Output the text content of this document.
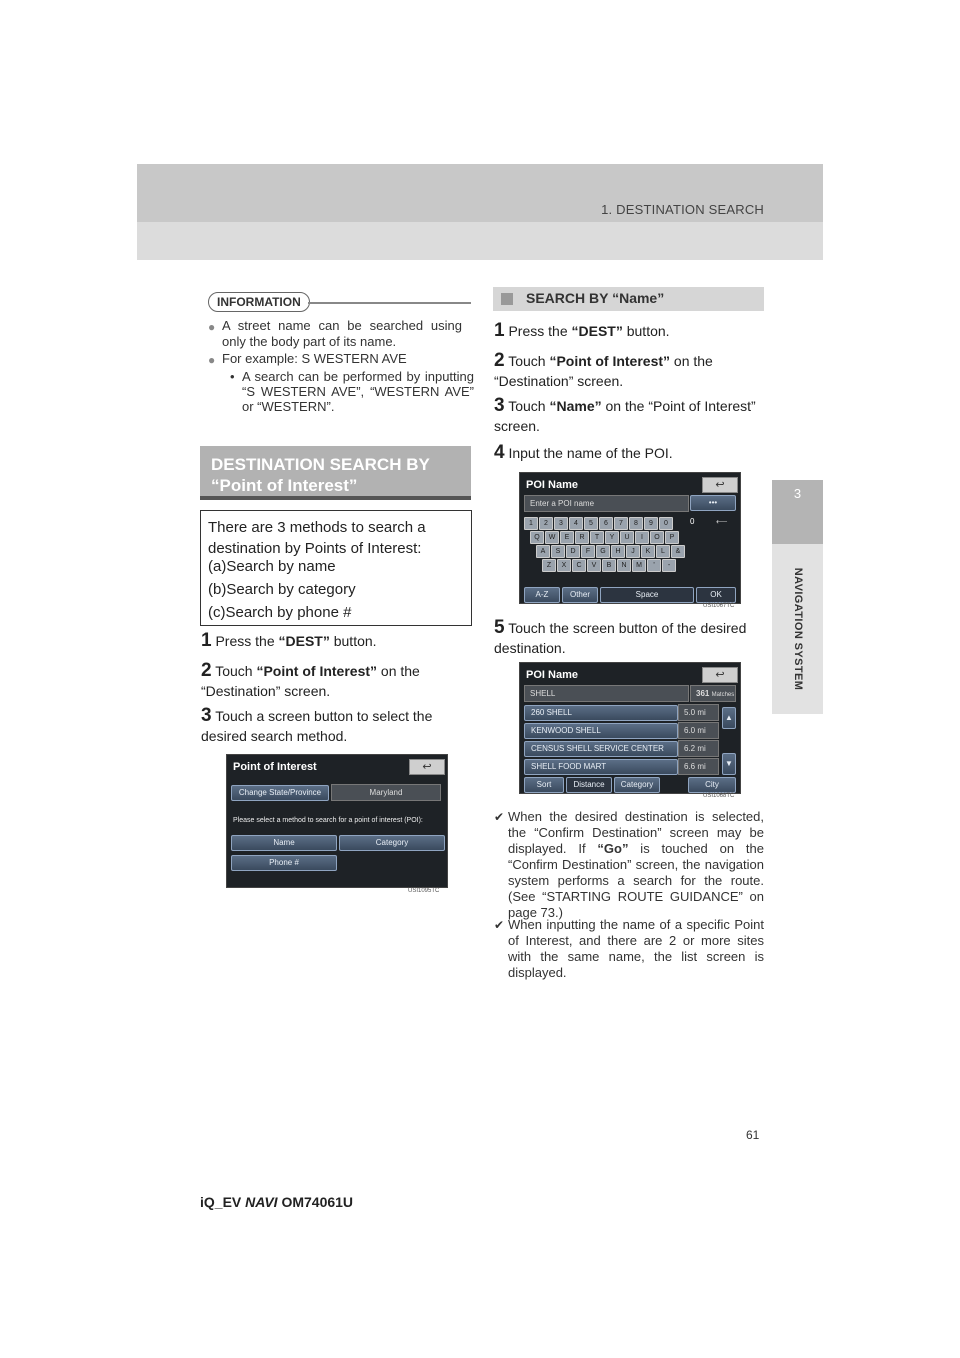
1. DESTINATION SEARCH
3
NAVIGATION SYSTEM
INFORMATION
● A street name can be searched using only the body part of its name.
● For example: S WESTERN AVE
• A search can be performed by inputting “S WESTERN AVE”, “WESTERN AVE” or “WESTERN”.
DESTINATION SEARCH BY “Point of Interest”
There are 3 methods to search a destination by Points of Interest:
(a)Search by name
(b)Search by category
(c)Search by phone #
1 Press the “DEST” button.
2 Touch “Point of Interest” on the “Destination” screen.
3 Touch a screen button to select the desired search method.
Point of Interest	↩
Change State/Province	Maryland
Please select a method to search for a point of interest (POI):
Name	Category
Phone #
USI1095TC
SEARCH BY “Name”
1 Press the “DEST” button.
2 Touch “Point of Interest” on the “Destination” screen.
3 Touch “Name” on the “Point of Interest” screen.
4 Input the name of the POI.
POI Name	↩
Enter a POI name	•••
0	⟵
1	2	3	4	5	6	7	8	9	0
Q	W	E	R	T	Y	U	I	O	P
A	S	D	F	G	H	J	K	L	&
Z	X	C	V	B	N	M	'	-
A-Z	Other	Space	OK
USI1067TC
5 Touch the screen button of the desired destination.
POI Name	↩
SHELL	361 Matches
260 SHELL	5.0 mi
KENWOOD SHELL	6.0 mi
CENSUS SHELL SERVICE CENTER	6.2 mi
SHELL FOOD MART	6.6 mi
▲
▼
Sort	Distance	Category	City
USI1068TC
✔ When the desired destination is selected, the “Confirm Destination” screen may be displayed. If “Go” is touched on the “Confirm Destination” screen, the navigation system performs a search for the route. (See “STARTING ROUTE GUIDANCE” on page 73.)
✔ When inputting the name of a specific Point of Interest, and there are 2 or more sites with the same name, the list screen is displayed.
61
iQ_EV NAVI OM74061U
